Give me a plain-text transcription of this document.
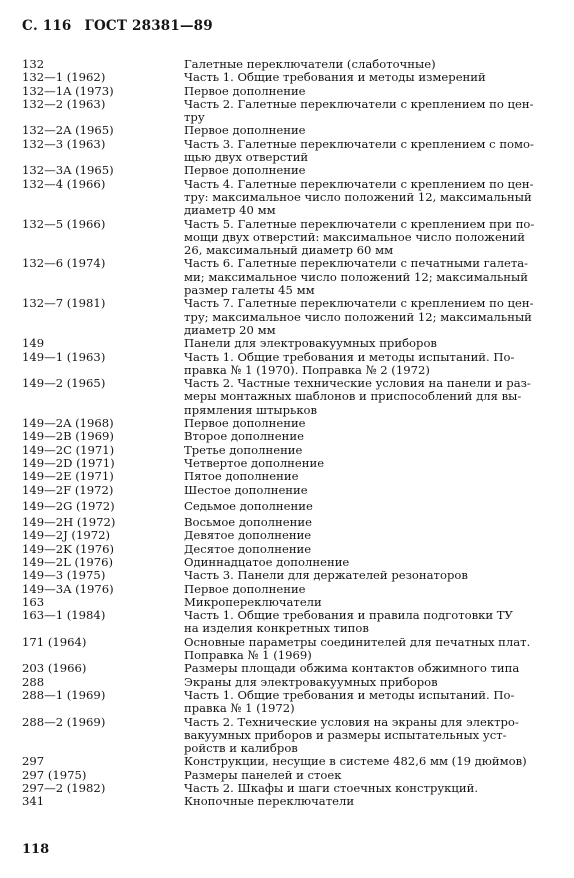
С. 116 ГОСТ 28381—89
132	Галетные переключатели (слаботочные)
132—1 (1962)	Часть 1. Общие требования и методы измерений
132—1A (1973)	Первое дополнение
132—2 (1963)	Часть 2. Галетные переключатели с креплением по цен-
тру
132—2A (1965)	Первое дополнение
132—3 (1963)	Часть 3. Галетные переключатели с креплением с помо-
щью двух отверстий
132—3A (1965)	Первое дополнение
132—4 (1966)	Часть 4. Галетные переключатели с креплением по цен-
тру: максимальное число положений 12, максимальный
диаметр 40 мм
132—5 (1966)	Часть 5. Галетные переключатели с креплением при по-
мощи двух отверстий: максимальное число положений
26, максимальный диаметр 60 мм
132—6 (1974)	Часть 6. Галетные переключатели с печатными галета-
ми; максимальное число положений 12; максимальный
размер галеты 45 мм
132—7 (1981)	Часть 7. Галетные переключатели с креплением по цен-
тру; максимальное число положений 12; максимальный
диаметр 20 мм
149	Панели для электровакуумных приборов
149—1 (1963)	Часть 1. Общие требования и методы испытаний. По-
правка № 1 (1970). Поправка № 2 (1972)
149—2 (1965)	Часть 2. Частные технические условия на панели и раз-
меры монтажных шаблонов и приспособлений для вы-
прямления штырьков
149—2A (1968)	Первое дополнение
149—2B (1969)	Второе дополнение
149—2C (1971)	Третье дополнение
149—2D (1971)	Четвертое дополнение
149—2E (1971)	Пятое дополнение
149—2F (1972)	Шестое дополнение
149—2G (1972)	Седьмое дополнение
149—2H (1972)	Восьмое дополнение
149—2J (1972)	Девятое дополнение
149—2K (1976)	Десятое дополнение
149—2L (1976)	Одиннадцатое дополнение
149—3 (1975)	Часть 3. Панели для держателей резонаторов
149—3A (1976)	Первое дополнение
163	Микропереключатели
163—1 (1984)	Часть 1. Общие требования и правила подготовки ТУ
на изделия конкретных типов
171 (1964)	Основные параметры соединителей для печатных плат.
Поправка № 1 (1969)
203 (1966)	Размеры площади обжима контактов обжимного типа
288	Экраны для электровакуумных приборов
288—1 (1969)	Часть 1. Общие требования и методы испытаний. По-
правка № 1 (1972)
288—2 (1969)	Часть 2. Технические условия на экраны для электро-
вакуумных приборов и размеры испытательных уст-
ройств и калибров
297	Конструкции, несущие в системе 482,6 мм (19 дюймов)
297 (1975)	Размеры панелей и стоек
297—2 (1982)	Часть 2. Шкафы и шаги стоечных конструкций.
341	Кнопочные переключатели
118
